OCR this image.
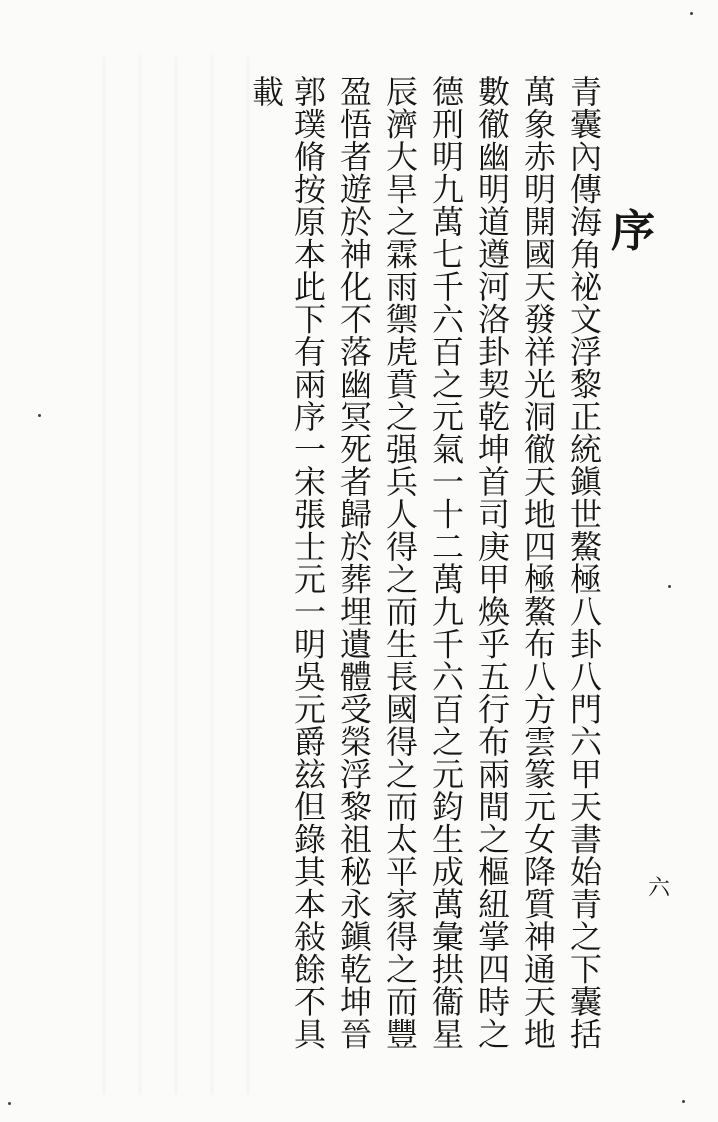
序
青囊內傳海角祕文浮黎正統鎭世鰲極八卦八門六甲天書始青之下囊括
萬象赤明開國天發祥光洞徹天地四極鰲布八方雲篆元女降質神通天地
數徹幽明道遵河洛卦契乾坤首司庚甲煥乎五行布兩間之樞紐掌四時之
德刑明九萬七千六百之元氣一十二萬九千六百之元鈞生成萬彙拱衞星
辰濟大旱之霖雨禦虎賁之强兵人得之而生長國得之而太平家得之而豐
盈悟者遊於神化不落幽冥死者歸於葬埋遺體受榮浮黎祖秘永鎭乾坤晉
郭璞脩按原本此下有兩序一宋張士元一明吳元爵玆但錄其本敍餘不具
載
六
